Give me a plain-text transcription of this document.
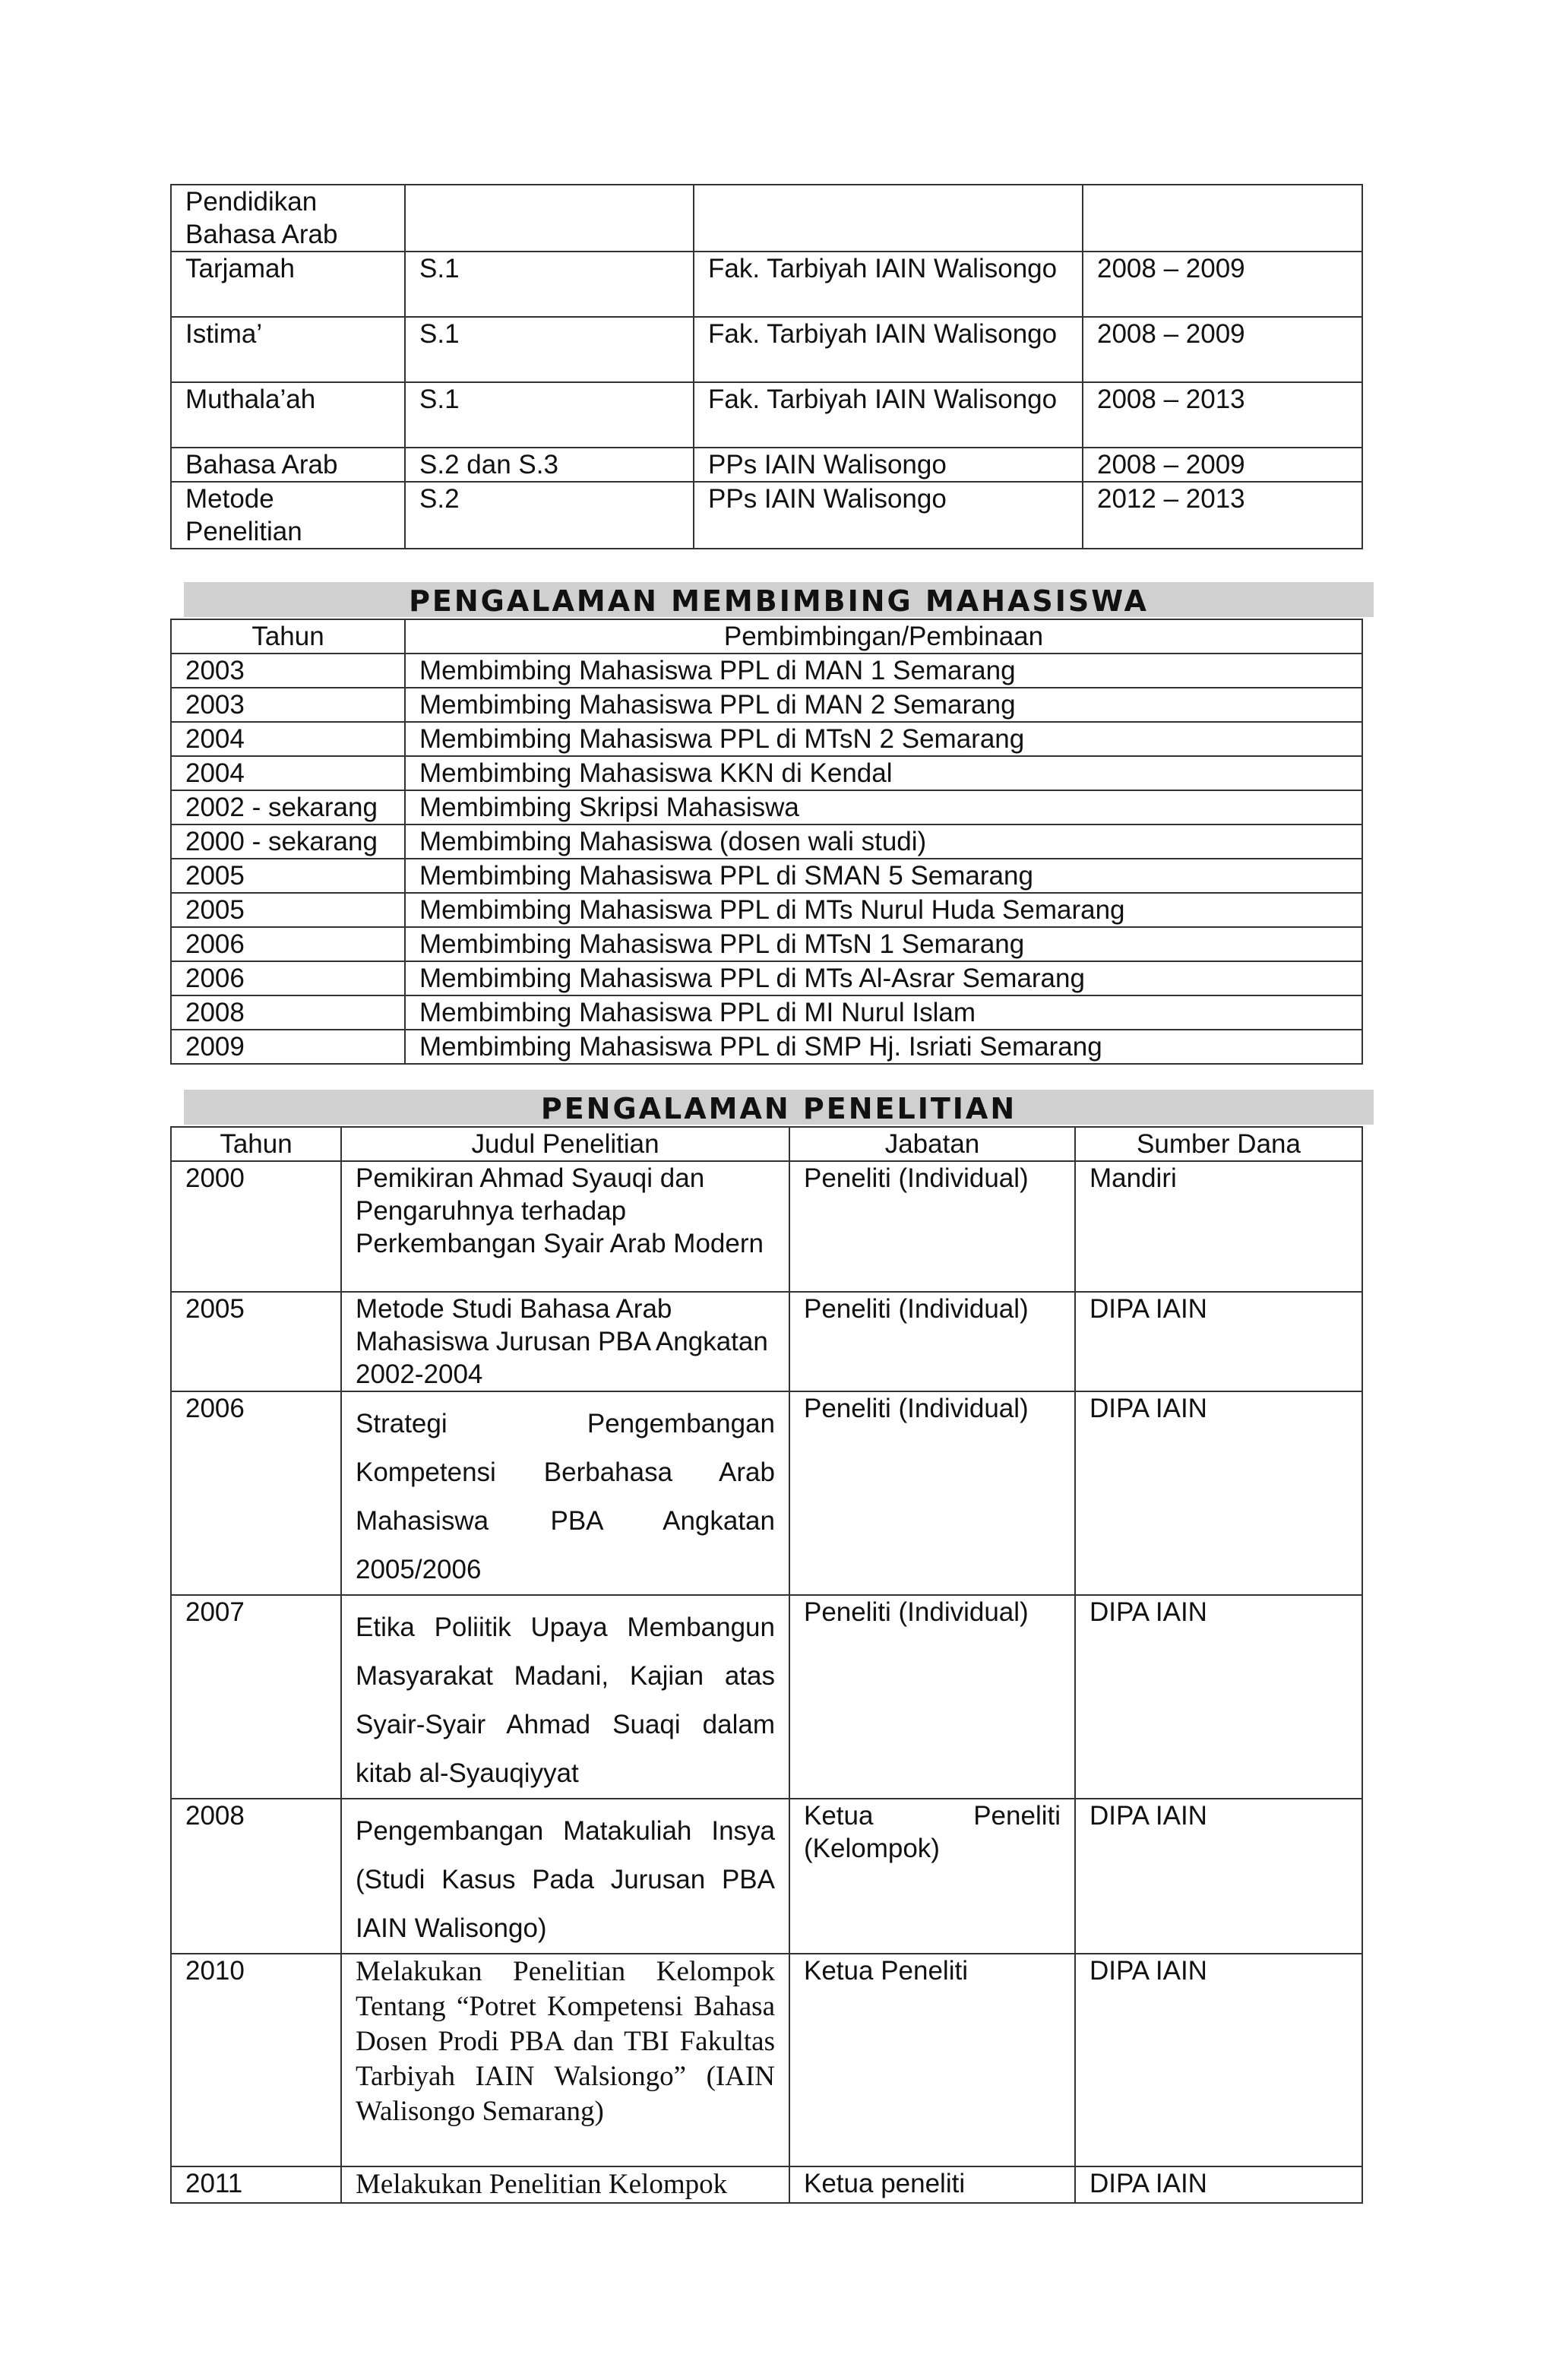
Pendidikan Bahasa Arab			
Tarjamah	S.1	Fak. Tarbiyah IAIN Walisongo	2008 – 2009
Istima’	S.1	Fak. Tarbiyah IAIN Walisongo	2008 – 2009
Muthala’ah	S.1	Fak. Tarbiyah IAIN Walisongo	2008 – 2013
Bahasa Arab	S.2 dan S.3	PPs IAIN Walisongo	2008 – 2009
Metode Penelitian	S.2	PPs IAIN Walisongo	2012 – 2013
PENGALAMAN MEMBIMBING MAHASISWA
Tahun	Pembimbingan/Pembinaan
2003	Membimbing Mahasiswa PPL di MAN 1 Semarang
2003	Membimbing Mahasiswa PPL di MAN 2 Semarang
2004	Membimbing Mahasiswa PPL di MTsN 2 Semarang
2004	Membimbing Mahasiswa KKN di Kendal
2002 - sekarang	Membimbing Skripsi Mahasiswa
2000 - sekarang	Membimbing Mahasiswa (dosen wali studi)
2005	Membimbing Mahasiswa PPL di SMAN 5 Semarang
2005	Membimbing Mahasiswa PPL di MTs Nurul Huda Semarang
2006	Membimbing Mahasiswa PPL di MTsN 1 Semarang
2006	Membimbing Mahasiswa PPL di MTs Al-Asrar Semarang
2008	Membimbing Mahasiswa PPL di MI Nurul Islam
2009	Membimbing Mahasiswa PPL di SMP Hj. Isriati Semarang
PENGALAMAN PENELITIAN
Tahun	Judul Penelitian	Jabatan	Sumber Dana
2000	Pemikiran Ahmad Syauqi dan Pengaruhnya terhadap Perkembangan Syair Arab Modern	Peneliti (Individual)	Mandiri
2005	Metode Studi Bahasa Arab Mahasiswa Jurusan PBA Angkatan 2002-2004	Peneliti (Individual)	DIPA IAIN
2006	Strategi Pengembangan Kompetensi Berbahasa Arab Mahasiswa PBA Angkatan 2005/2006	Peneliti (Individual)	DIPA IAIN
2007	Etika Poliitik Upaya Membangun Masyarakat Madani, Kajian atas Syair-Syair Ahmad Suaqi dalam kitab al-Syauqiyyat	Peneliti (Individual)	DIPA IAIN
2008	Pengembangan Matakuliah Insya (Studi Kasus Pada Jurusan PBA IAIN Walisongo)	Ketua Peneliti (Kelompok)	DIPA IAIN
2010	Melakukan Penelitian Kelompok Tentang “Potret Kompetensi Bahasa Dosen Prodi PBA dan TBI Fakultas Tarbiyah IAIN Walsiongo” (IAIN Walisongo Semarang)	Ketua Peneliti	DIPA IAIN
2011	Melakukan Penelitian Kelompok	Ketua peneliti	DIPA IAIN
